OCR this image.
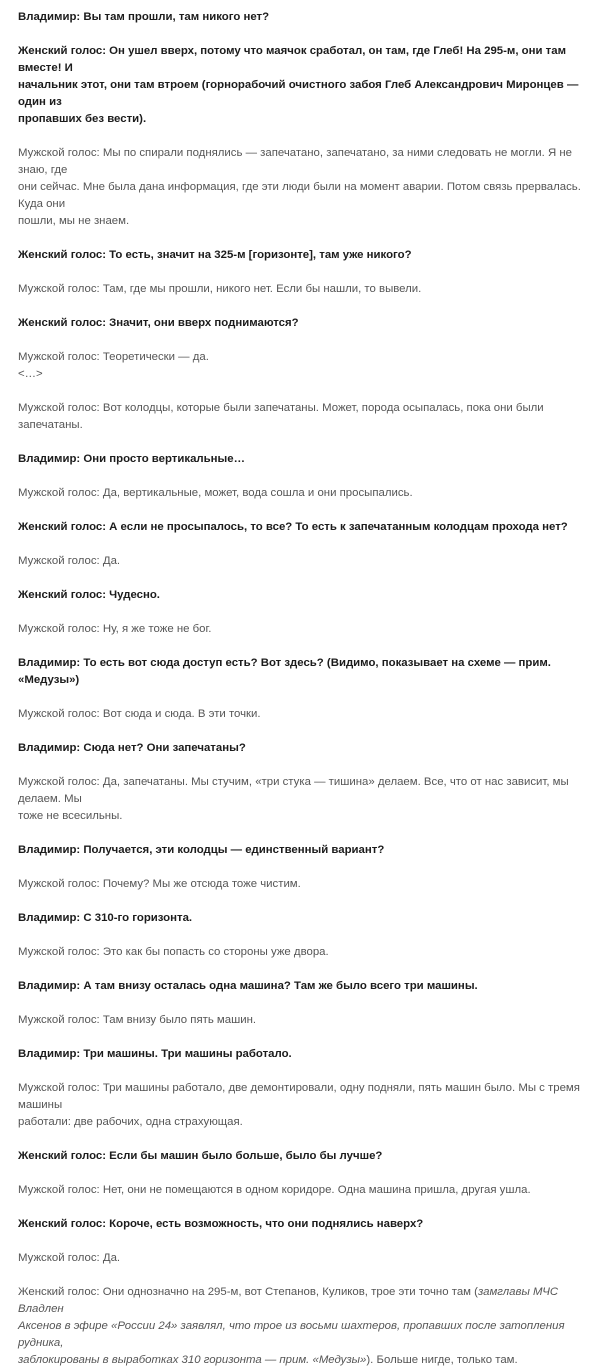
Владимир: Вы там прошли, там никого нет?
Женский голос: Он ушел вверх, потому что маячок сработал, он там, где Глеб! На 295-м, они там вместе! И
начальник этот, они там втроем (горнорабочий очистного забоя Глеб Александрович Миронцев — один из
пропавших без вести).
Мужской голос: Мы по спирали поднялись — запечатано, запечатано, за ними следовать не могли. Я не знаю, где
они сейчас. Мне была дана информация, где эти люди были на момент аварии. Потом связь прервалась. Куда они
пошли, мы не знаем.
Женский голос: То есть, значит на 325-м [горизонте], там уже никого?
Мужской голос: Там, где мы прошли, никого нет. Если бы нашли, то вывели.
Женский голос: Значит, они вверх поднимаются?
Мужской голос: Теоретически — да.
<…>
Мужской голос: Вот колодцы, которые были запечатаны. Может, порода осыпалась, пока они были запечатаны.
Владимир: Они просто вертикальные…
Мужской голос: Да, вертикальные, может, вода сошла и они просыпались.
Женский голос: А если не просыпалось, то все? То есть к запечатанным колодцам прохода нет?
Мужской голос: Да.
Женский голос: Чудесно.
Мужской голос: Ну, я же тоже не бог.
Владимир: То есть вот сюда доступ есть? Вот здесь? (Видимо, показывает на схеме — прим. «Медузы»)
Мужской голос: Вот сюда и сюда. В эти точки.
Владимир: Сюда нет? Они запечатаны?
Мужской голос: Да, запечатаны. Мы стучим, «три стука — тишина» делаем. Все, что от нас зависит, мы делаем. Мы
тоже не всесильны.
Владимир: Получается, эти колодцы — единственный вариант?
Мужской голос: Почему? Мы же отсюда тоже чистим.
Владимир: С 310-го горизонта.
Мужской голос: Это как бы попасть со стороны уже двора.
Владимир: А там внизу осталась одна машина? Там же было всего три машины.
Мужской голос: Там внизу было пять машин.
Владимир: Три машины. Три машины работало.
Мужской голос: Три машины работало, две демонтировали, одну подняли, пять машин было. Мы с тремя машины
работали: две рабочих, одна страхующая.
Женский голос: Если бы машин было больше, было бы лучше?
Мужской голос: Нет, они не помещаются в одном коридоре. Одна машина пришла, другая ушла.
Женский голос: Короче, есть возможность, что они поднялись наверх?
Мужской голос: Да.
Женский голос: Они однозначно на 295-м, вот Степанов, Куликов, трое эти точно там (замглавы МЧС Владлен
Аксенов в эфире «России 24» заявлял, что трое из восьми шахтеров, пропавших после затопления рудника,
заблокированы в выработках 310 горизонта — прим. «Медузы»). Больше нигде, только там.
